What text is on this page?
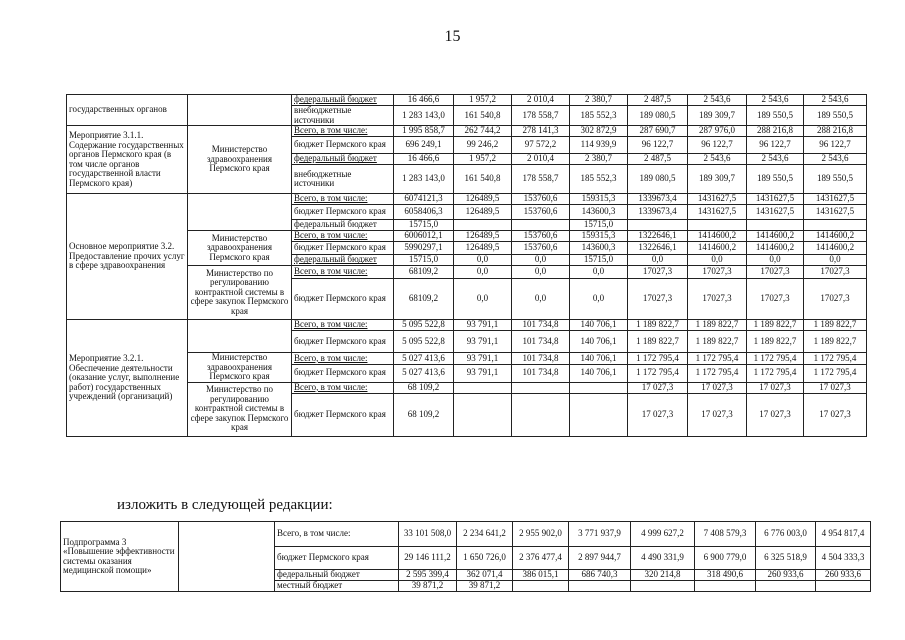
15
государственных органов		федеральный бюджет	16 466,6	1 957,2	2 010,4	2 380,7	2 487,5	2 543,6	2 543,6	2 543,6
		внебюджетные источники	1 283 143,0	161 540,8	178 558,7	185 552,3	189 080,5	189 309,7	189 550,5	189 550,5
Мероприятие 3.1.1. Содержание государственных органов Пермского края (в том числе органов государственной власти Пермского края)	Министерство здравоохранения Пермского края	Всего, в том числе:	1 995 858,7	262 744,2	278 141,3	302 872,9	287 690,7	287 976,0	288 216,8	288 216,8
		бюджет Пермского края	696 249,1	99 246,2	97 572,2	114 939,9	96 122,7	96 122,7	96 122,7	96 122,7
		федеральный бюджет	16 466,6	1 957,2	2 010,4	2 380,7	2 487,5	2 543,6	2 543,6	2 543,6
		внебюджетные источники	1 283 143,0	161 540,8	178 558,7	185 552,3	189 080,5	189 309,7	189 550,5	189 550,5
Основное мероприятие 3.2. Предоставление прочих услуг в сфере здравоохранения		Всего, в том числе:	6074121,3	126489,5	153760,6	159315,3	1339673,4	1431627,5	1431627,5	1431627,5
		бюджет Пермского края	6058406,3	126489,5	153760,6	143600,3	1339673,4	1431627,5	1431627,5	1431627,5
		федеральный бюджет	15715,0			15715,0				
	Министерство здравоохранения Пермского края	Всего, в том числе:	6006012,1	126489,5	153760,6	159315,3	1322646,1	1414600,2	1414600,2	1414600,2
		бюджет Пермского края	5990297,1	126489,5	153760,6	143600,3	1322646,1	1414600,2	1414600,2	1414600,2
		федеральный бюджет	15715,0	0,0	0,0	15715,0	0,0	0,0	0,0	0,0
	Министерство по регулированию контрактной системы в сфере закупок Пермского края	Всего, в том числе:	68109,2	0,0	0,0	0,0	17027,3	17027,3	17027,3	17027,3
		бюджет Пермского края	68109,2	0,0	0,0	0,0	17027,3	17027,3	17027,3	17027,3
Мероприятие 3.2.1. Обеспечение деятельности (оказание услуг, выполнение работ) государственных учреждений (организаций)		Всего, в том числе:	5 095 522,8	93 791,1	101 734,8	140 706,1	1 189 822,7	1 189 822,7	1 189 822,7	1 189 822,7
		бюджет Пермского края	5 095 522,8	93 791,1	101 734,8	140 706,1	1 189 822,7	1 189 822,7	1 189 822,7	1 189 822,7
	Министерство здравоохранения Пермского края	Всего, в том числе:	5 027 413,6	93 791,1	101 734,8	140 706,1	1 172 795,4	1 172 795,4	1 172 795,4	1 172 795,4
		бюджет Пермского края	5 027 413,6	93 791,1	101 734,8	140 706,1	1 172 795,4	1 172 795,4	1 172 795,4	1 172 795,4
	Министерство по регулированию контрактной системы в сфере закупок Пермского края	Всего, в том числе:	68 109,2				17 027,3	17 027,3	17 027,3	17 027,3
		бюджет Пермского края	68 109,2				17 027,3	17 027,3	17 027,3	17 027,3
изложить в следующей редакции:
Подпрограмма 3 «Повышение эффективности системы оказания медицинской помощи»		Всего, в том числе:	33 101 508,0	2 234 641,2	2 955 902,0	3 771 937,9	4 999 627,2	7 408 579,3	6 776 003,0	4 954 817,4
		бюджет Пермского края	29 146 111,2	1 650 726,0	2 376 477,4	2 897 944,7	4 490 331,9	6 900 779,0	6 325 518,9	4 504 333,3
		федеральный бюджет	2 595 399,4	362 071,4	386 015,1	686 740,3	320 214,8	318 490,6	260 933,6	260 933,6
		местный бюджет	39 871,2	39 871,2						
